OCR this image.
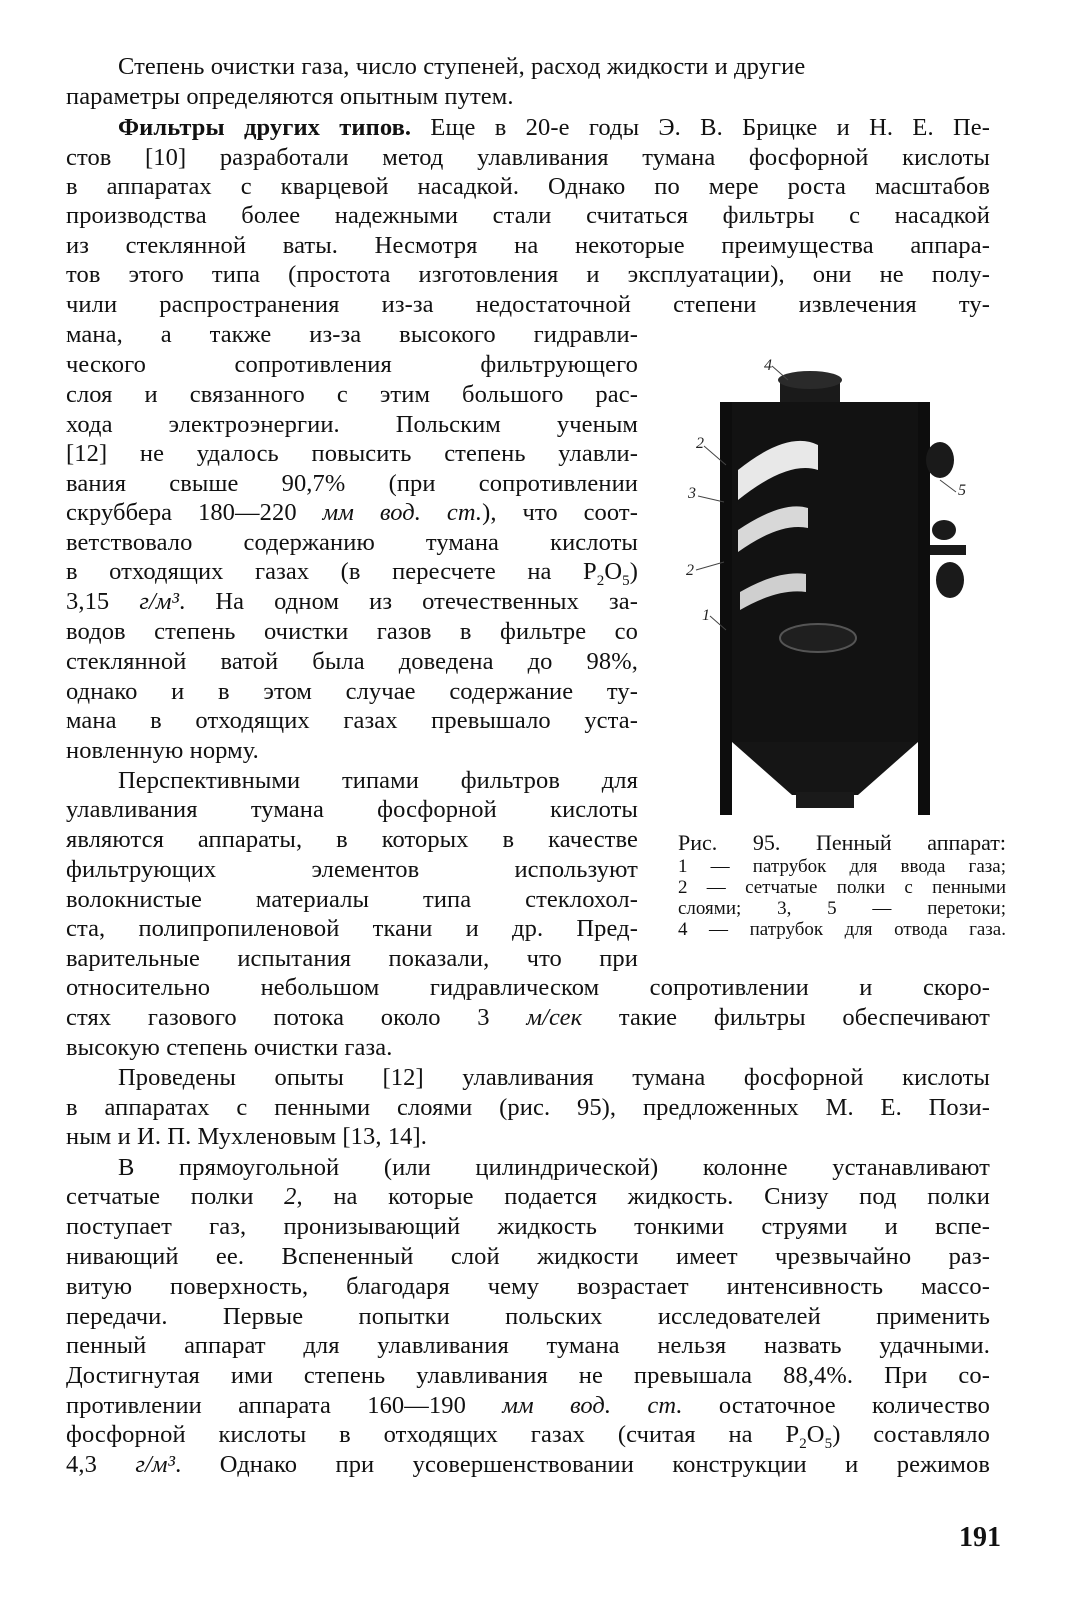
Степень очистки газа, число ступеней, расход жидкости и другие
параметры определяются опытным путем.
Фильтры других типов. Еще в 20-е годы Э. В. Брицке и Н. Е. Пе-
стов [10] разработали метод улавливания тумана фосфорной кислоты
в аппаратах с кварцевой насадкой. Однако по мере роста масштабов
производства более надежными стали считаться фильтры с насадкой
из стеклянной ваты. Несмотря на некоторые преимущества аппара-
тов этого типа (простота изготовления и эксплуатации), они не полу-
чили распространения из-за недостаточной степени извлечения ту-
мана, а также из-за высокого гидравли-
ческого сопротивления фильтрующего
слоя и связанного с этим большого рас-
хода электроэнергии. Польским ученым
[12] не удалось повысить степень улавли-
вания свыше 90,7% (при сопротивлении
скруббера 180—220 мм вод. ст.), что соот-
ветствовало содержанию тумана кислоты
в отходящих газах (в пересчете на $P_2O_5$)
3,15 г/м³. На одном из отечественных за-
водов степень очистки газов в фильтре со
стеклянной ватой была доведена до 98%,
однако и в этом случае содержание ту-
мана в отходящих газах превышало уста-
новленную норму.
Перспективными типами фильтров для
улавливания тумана фосфорной кислоты
являются аппараты, в которых в качестве
фильтрующих элементов используют
волокнистые материалы типа стеклохол-
ста, полипропиленовой ткани и др. Пред-
варительные испытания показали, что при
относительно небольшом гидравлическом сопротивлении и скоро-
стях газового потока около 3 м/сек такие фильтры обеспечивают
высокую степень очистки газа.
Проведены опыты [12] улавливания тумана фосфорной кислоты
в аппаратах с пенными слоями (рис. 95), предложенных М. Е. Пози-
ным и И. П. Мухленовым [13, 14].
В прямоугольной (или цилиндрической) колонне устанавливают
сетчатые полки 2, на которые подается жидкость. Снизу под полки
поступает газ, пронизывающий жидкость тонкими струями и вспе-
нивающий ее. Вспененный слой жидкости имеет чрезвычайно раз-
витую поверхность, благодаря чему возрастает интенсивность массо-
передачи. Первые попытки польских исследователей применить
пенный аппарат для улавливания тумана нельзя назвать удачными.
Достигнутая ими степень улавливания не превышала 88,4%. При со-
противлении аппарата 160—190 мм вод. ст. остаточное количество
фосфорной кислоты в отходящих газах (считая на $P_2O_5$) составляло
4,3 г/м³. Однако при усовершенствовании конструкции и режимов
4
2
3	5
2
1
Рис. 95. Пенный аппарат:
1 — патрубок для ввода газа;
2 — сетчатые полки с пенными
слоями; 3, 5 — перетоки;
4 — патрубок для отвода газа.
191
